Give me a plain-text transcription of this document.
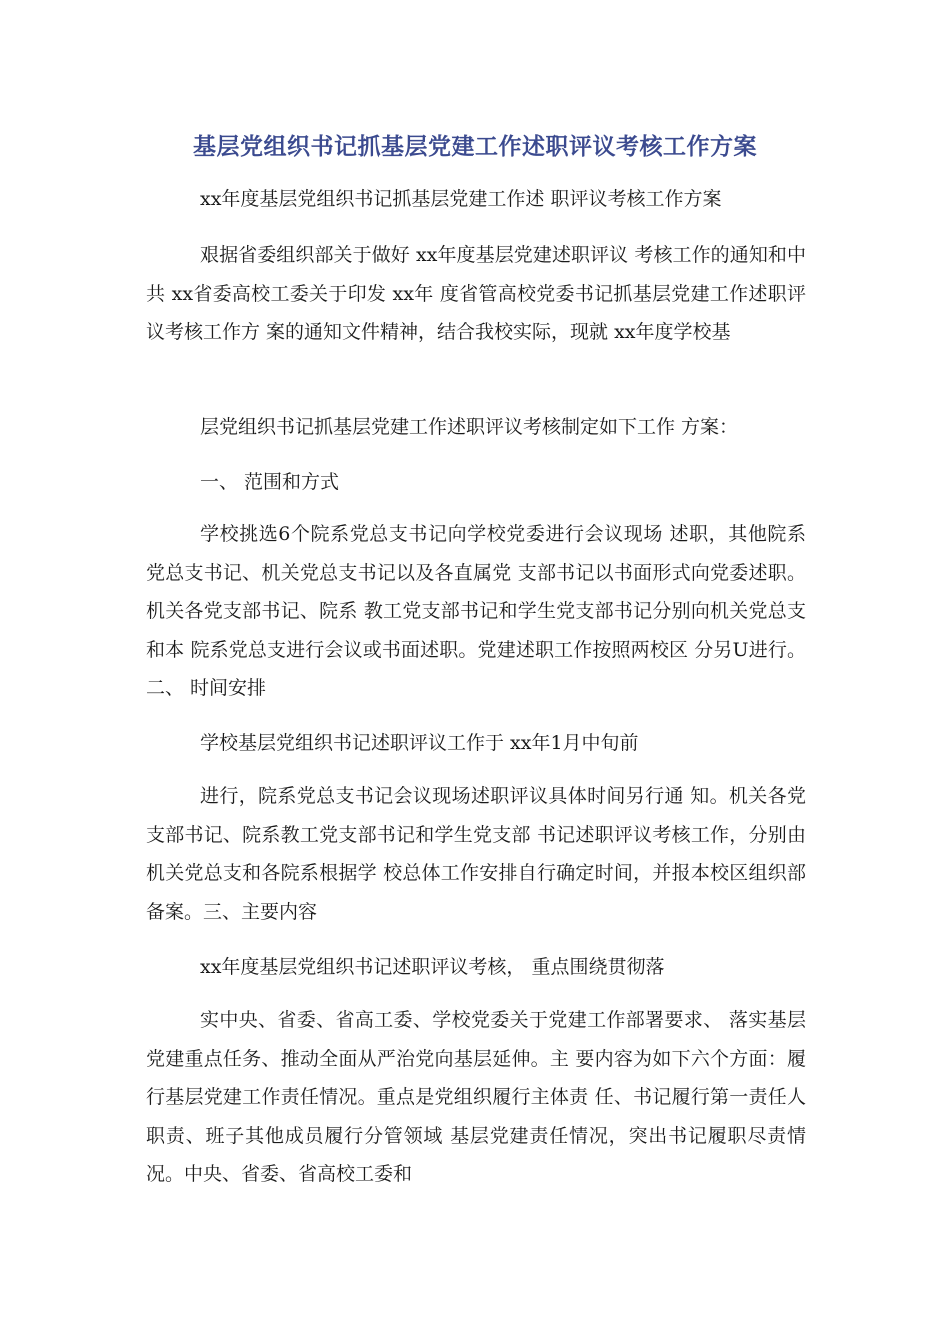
基层党组织书记抓基层党建工作述职评议考核工作方案

xx年度基层党组织书记抓基层党建工作述 职评议考核工作方案

艰据省委组织部关于做好 xx年度基层党建述职评议 考核工作的通知和中共 xx省委高校工委关于印发 xx年 度省管高校党委书记抓基层党建工作述职评议考核工作方 案的通知文件精神，结合我校实际，现就 xx年度学校基

层党组织书记抓基层党建工作述职评议考核制定如下工作 方案：

一、 范围和方式

学校挑选6个院系党总支书记向学校党委进行会议现场 述职，其他院系党总支书记、机关党总支书记以及各直属党 支部书记以书面形式向党委述职。机关各党支部书记、院系 教工党支部书记和学生党支部书记分别向机关党总支和本 院系党总支进行会议或书面述职。党建述职工作按照两校区 分另U进行。二、 时间安排

学校基层党组织书记述职评议工作于 xx年1月中旬前

进行，院系党总支书记会议现场述职评议具体时间另行通 知。机关各党支部书记、院系教工党支部书记和学生党支部 书记述职评议考核工作，分别由机关党总支和各院系根据学 校总体工作安排自行确定时间，并报本校区组织部备案。三、主要内容

xx年度基层党组织书记述职评议考核， 重点围绕贯彻落

实中央、省委、省高工委、学校党委关于党建工作部署要求、 落实基层党建重点任务、推动全面从严治党向基层延伸。主 要内容为如下六个方面：履行基层党建工作责任情况。重点是党组织履行主体责 任、书记履行第一责任人职责、班子其他成员履行分管领域 基层党建责任情况，突出书记履职尽责情况。中央、省委、省高校工委和
